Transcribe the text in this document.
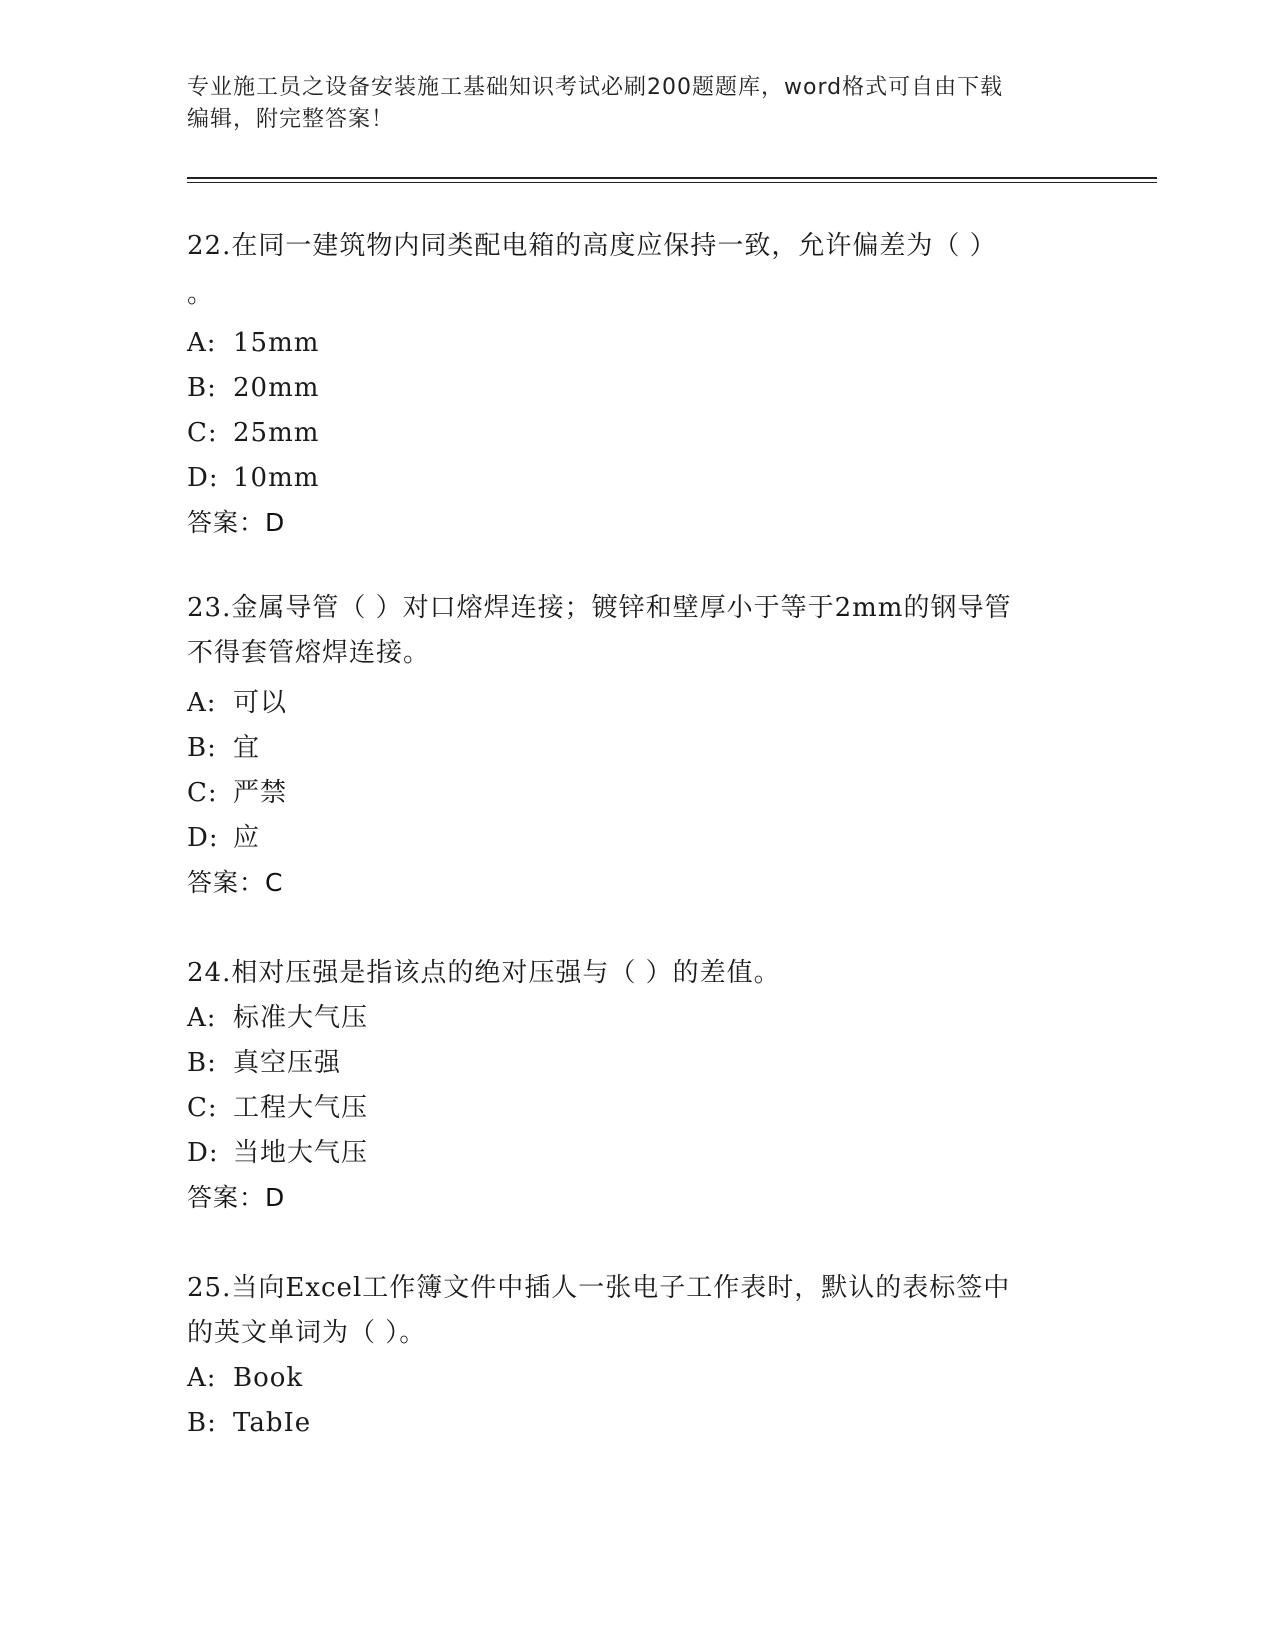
专业施工员之设备安装施工基础知识考试必刷200题题库，word格式可自由下载
编辑，附完整答案！
22.在同一建筑物内同类配电箱的高度应保持一致，允许偏差为（ ）
。
A: 15mm
B: 20mm
C: 25mm
D: 10mm
答案：D
23.金属导管（ ）对口熔焊连接；镀锌和壁厚小于等于2mm的钢导管
不得套管熔焊连接。
A: 可以
B: 宜
C: 严禁
D: 应
答案：C
24.相对压强是指该点的绝对压强与（ ）的差值。
A: 标准大气压
B: 真空压强
C: 工程大气压
D: 当地大气压
答案：D
25.当向Excel工作簿文件中插人一张电子工作表时，默认的表标签中
的英文单词为（ ）。
A: Book
B: TabIe
